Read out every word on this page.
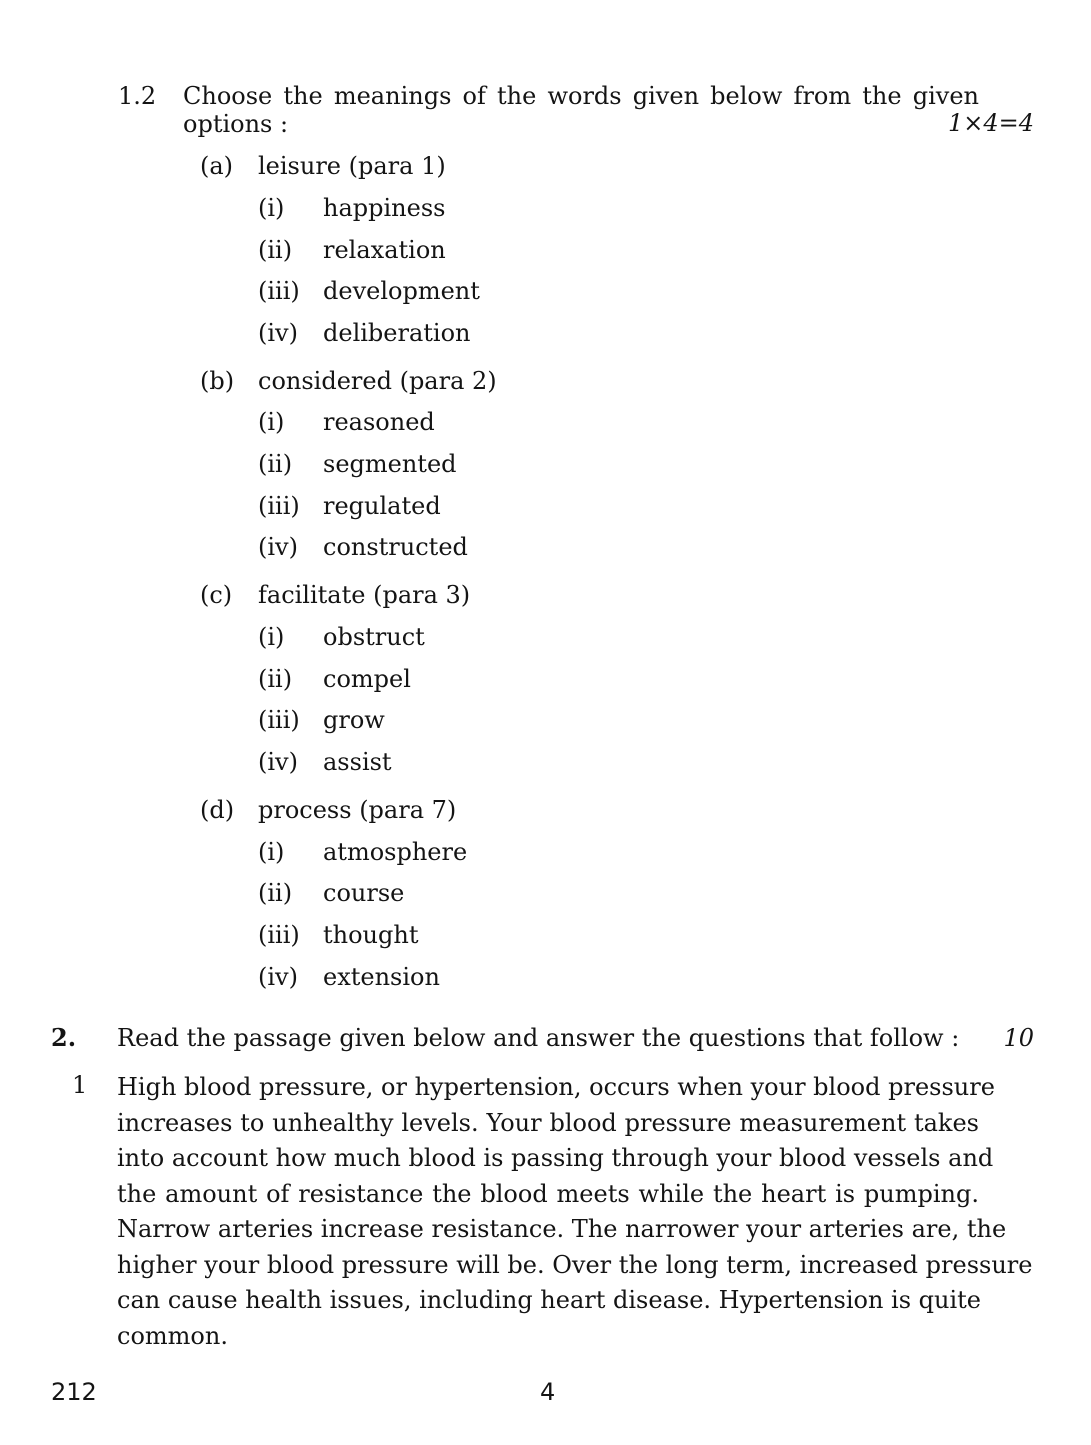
1.2 Choose the meanings of the words given below from the given
options :	1×4=4
(a) leisure (para 1)
(i) happiness
(ii) relaxation
(iii) development
(iv) deliberation
(b) considered (para 2)
(i) reasoned
(ii) segmented
(iii) regulated
(iv) constructed
(c) facilitate (para 3)
(i) obstruct
(ii) compel
(iii) grow
(iv) assist
(d) process (para 7)
(i) atmosphere
(ii) course
(iii) thought
(iv) extension
2. Read the passage given below and answer the questions that follow : 10
1 High blood pressure, or hypertension, occurs when your blood pressure
increases to unhealthy levels. Your blood pressure measurement takes
into account how much blood is passing through your blood vessels and
the amount of resistance the blood meets while the heart is pumping.
Narrow arteries increase resistance. The narrower your arteries are, the
higher your blood pressure will be. Over the long term, increased pressure
can cause health issues, including heart disease. Hypertension is quite
common.
212	4
